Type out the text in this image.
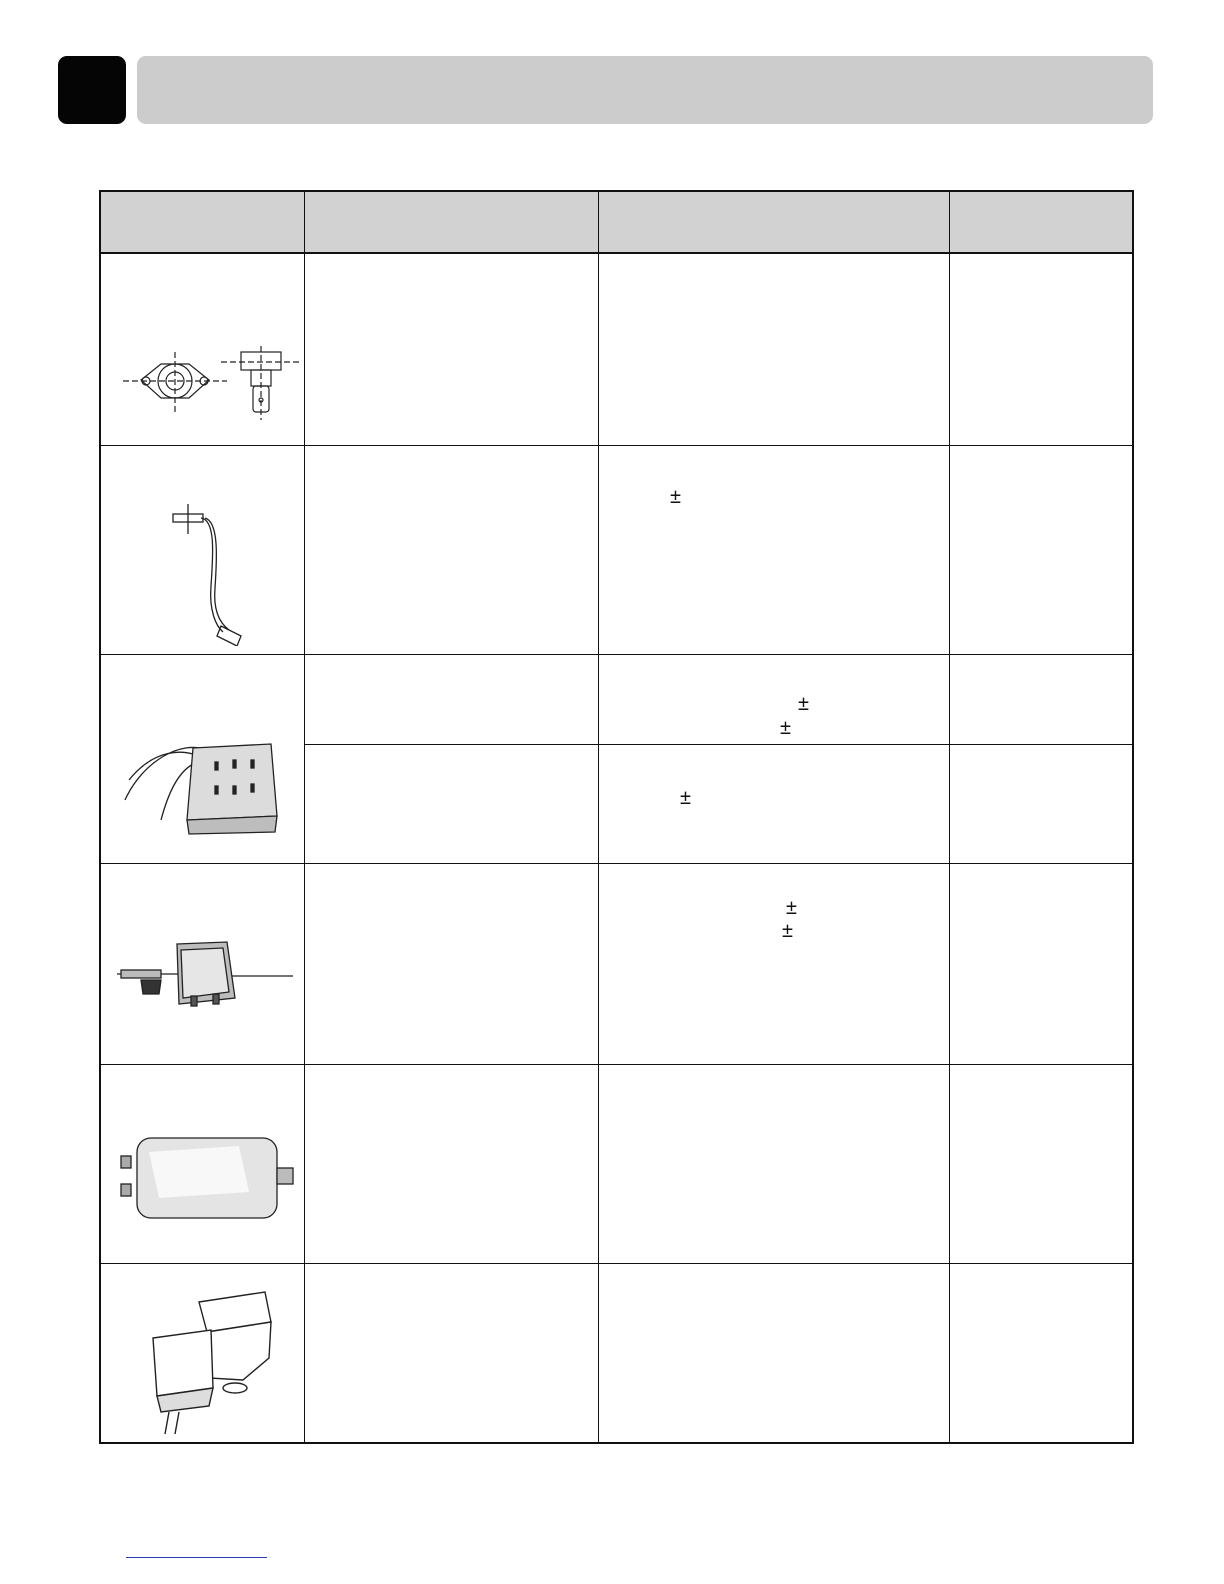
±
±
±
±
±
±
